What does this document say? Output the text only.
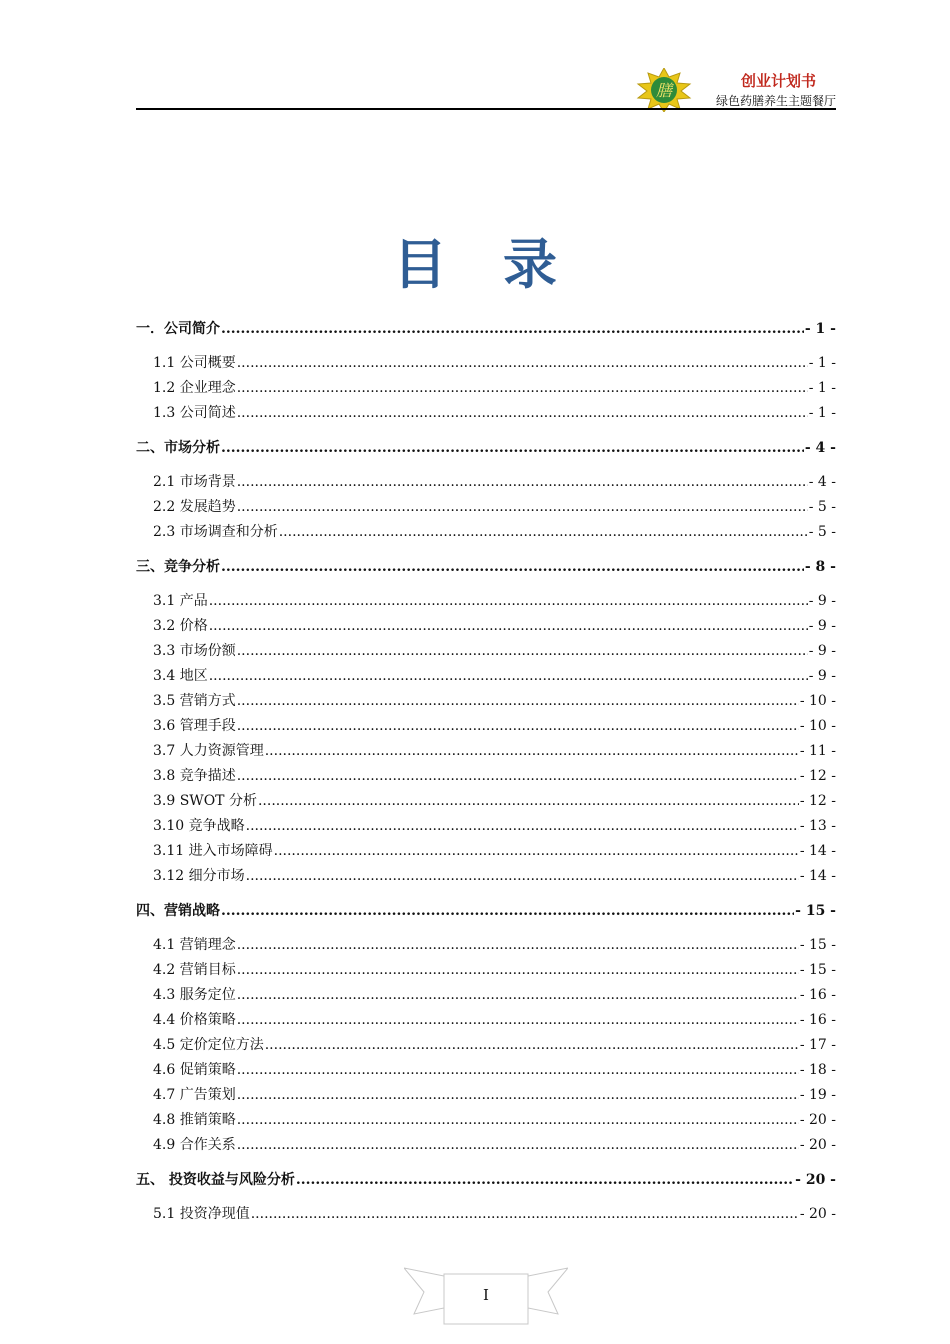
膳	创业计划书
绿色药膳养生主题餐厅
目录
一．公司简介 .....	- 1 -
1.1 公司概要 .....	- 1 -
1.2 企业理念 .....	- 1 -
1.3 公司简述 .....	- 1 -
二、市场分析 .....	- 4 -
2.1 市场背景 .....	- 4 -
2.2 发展趋势 .....	- 5 -
2.3 市场调查和分析 .....	- 5 -
三、竞争分析 .....	- 8 -
3.1 产品 .....	- 9 -
3.2 价格 .....	- 9 -
3.3 市场份额 .....	- 9 -
3.4 地区 .....	- 9 -
3.5 营销方式 .....	- 10 -
3.6 管理手段 .....	- 10 -
3.7 人力资源管理 .....	- 11 -
3.8 竞争描述 .....	- 12 -
3.9 SWOT 分析 .....	- 12 -
3.10 竞争战略 .....	- 13 -
3.11 进入市场障碍 .....	- 14 -
3.12 细分市场 .....	- 14 -
四、营销战略 .....	- 15 -
4.1 营销理念 .....	- 15 -
4.2 营销目标 .....	- 15 -
4.3 服务定位 .....	- 16 -
4.4 价格策略 .....	- 16 -
4.5 定价定位方法 .....	- 17 -
4.6 促销策略 .....	- 18 -
4.7 广告策划 .....	- 19 -
4.8 推销策略 .....	- 20 -
4.9 合作关系 .....	- 20 -
五、 投资收益与风险分析 .....	- 20 -
5.1 投资净现值 .....	- 20 -
I
